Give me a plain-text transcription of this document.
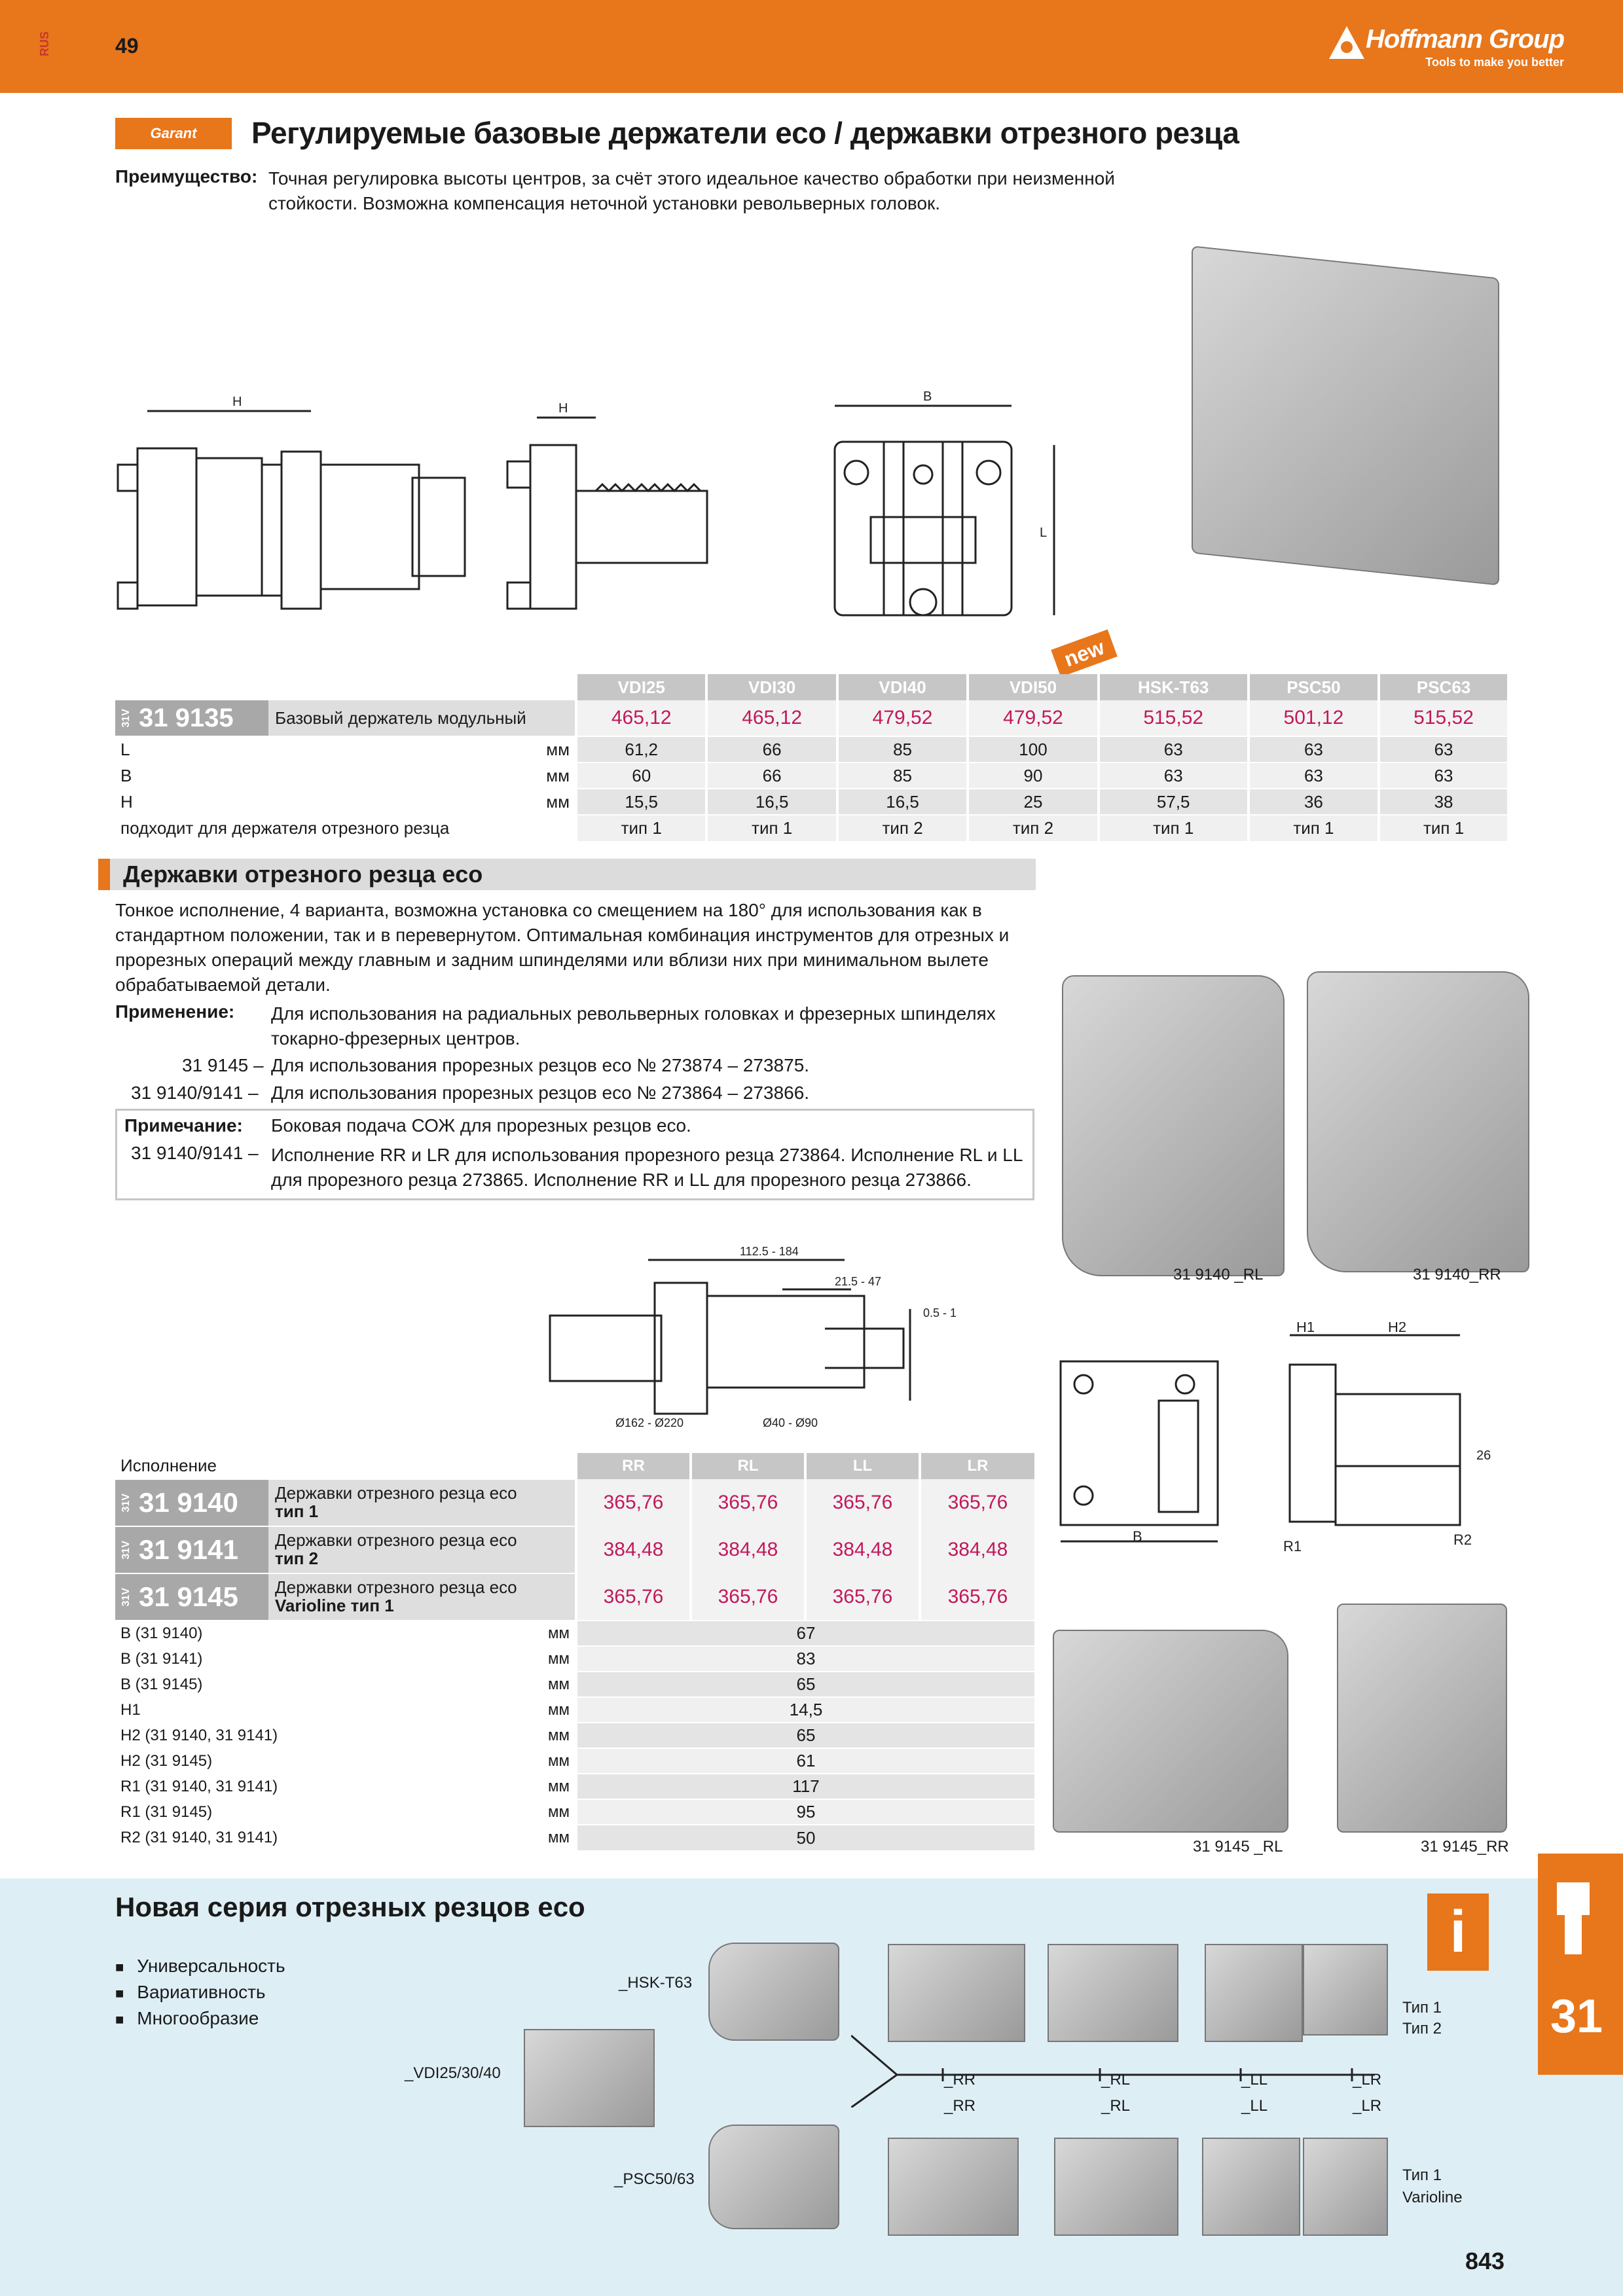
RUS	49	Hoffmann Group
Tools to make you better
Garant	Регулируемые базовые держатели eco / державки отрезного резца
Преимущество: Точная регулировка высоты центров, за счёт этого идеальное качество обработки при неизменной стойкости. Возможна компенсация неточной установки револьверных головок.
H	H
B
L
new
	VDI25	VDI30	VDI40	VDI50	HSK-T63	PSC50	PSC63

31V 31 9135 Базовый держатель модульный	465,12	465,12	479,52	479,52	515,52	501,12	515,52
L мм	61,2	66	85	100	63	63	63
B мм	60	66	85	90	63	63	63
H мм	15,5	16,5	16,5	25	57,5	36	38
подходит для держателя отрезного резца	тип 1	тип 1	тип 2	тип 2	тип 1	тип 1	тип 1
Державки отрезного резца eco
Тонкое исполнение, 4 варианта, возможна установка со смещением на 180° для использования как в стандартном положении, так и в перевернутом. Оптимальная комбинация инструментов для отрезных и прорезных операций между главным и задним шпинделями или вблизи них при минимальном вылете обрабатываемой детали.
Применение: Для использования на радиальных револьверных головках и фрезерных шпинделях токарно-фрезерных центров.
31 9145 – Для использования прорезных резцов eco № 273874 – 273875.
31 9140/9141 – Для использования прорезных резцов eco № 273864 – 273866.
Примечание: Боковая подача СОЖ для прорезных резцов eco.
31 9140/9141 – Исполнение RR и LR для использования прорезного резца 273864. Исполнение RL и LL для прорезного резца 273865. Исполнение RR и LL для прорезного резца 273866.
31 9140 _RL	31 9140_RR
112.5 - 184
21.5 - 47
0.5 - 1
Ø162 - Ø220	Ø40 - Ø90
H1	H2
26
B
R1	R2
Исполнение	RR	RL	LL	LR

31V 31 9140 Державки отрезного резца eco
тип 1	365,76	365,76	365,76	365,76

31V 31 9141 Державки отрезного резца eco
тип 2	384,48	384,48	384,48	384,48

31V 31 9145 Державки отрезного резца eco
Varioline тип 1	365,76	365,76	365,76	365,76
B (31 9140) мм	67			
B (31 9141) мм	83			
B (31 9145) мм	65			
H1 мм	14,5			
H2 (31 9140, 31 9141) мм	65			
H2 (31 9145) мм	61			
R1 (31 9140, 31 9141) мм	117			
R1 (31 9145) мм	95			
R2 (31 9140, 31 9141) мм	50				31 9145 _RL	31 9145_RR
Новая серия отрезных резцов eco
■ Универсальность
■ Вариативность
■ Многообразие
i
_HSK-T63
_VDI25/30/40
_PSC50/63
_RR	_RL	_LL	_LR
_RR	_RL	_LL	_LR
Тип 1
Тип 2
Тип 1
Varioline
31
843
